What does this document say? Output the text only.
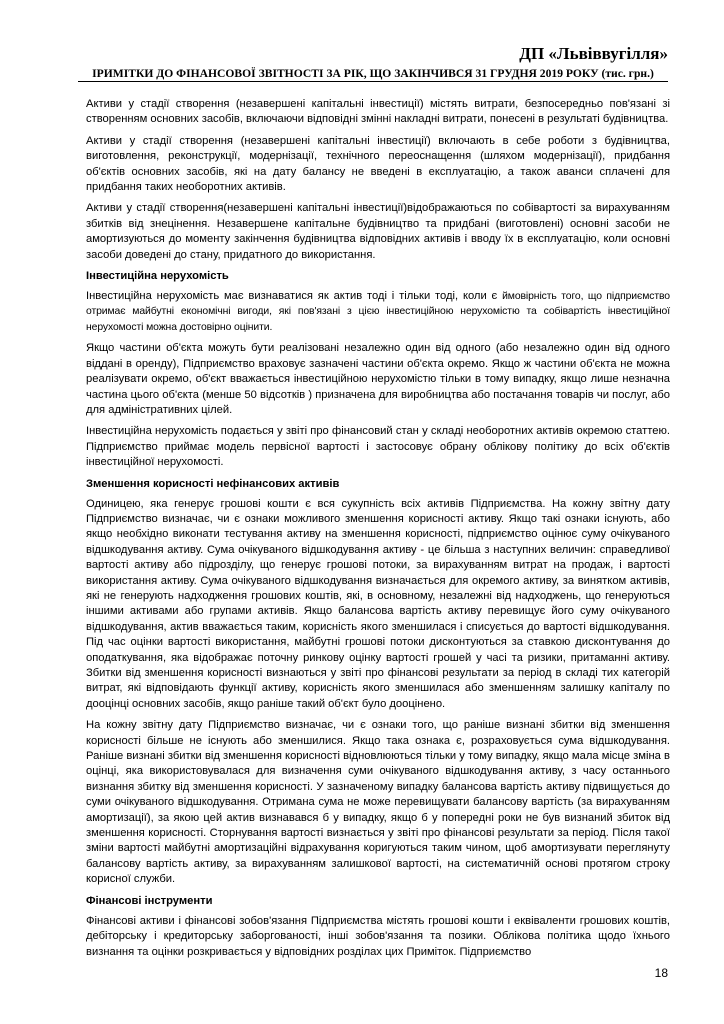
ДП «Львіввугілля»
ІРИМІТКИ ДО ФІНАНСОВОЇ ЗВІТНОСТІ ЗА РІК, ЩО ЗАКІНЧИВСЯ 31 ГРУДНЯ 2019 РОКУ (тис. грн.)

Активи у стадії створення (незавершені капітальні інвестиції) містять витрати, безпосередньо пов'язані зі створенням основних засобів, включаючи відповідні змінні накладні витрати, понесені в результаті будівництва.

Активи у стадії створення (незавершені капітальні інвестиції) включають в себе роботи з будівництва, виготовлення, реконструкції, модернізації, технічного переоснащення (шляхом модернізації), придбання об'єктів основних засобів, які на дату балансу не введені в експлуатацію, а також аванси сплачені для придбання таких необоротних активів.

Активи у стадії створення(незавершені капітальні інвестиції)відображаються по собівартості за вирахуванням збитків від знецінення. Незавершене капітальне будівництво та придбані (виготовлені) основні засоби не амортизуються до моменту закінчення будівництва відповідних активів і вводу їх в експлуатацію, коли основні засоби доведені до стану, придатного до використання.

Інвестиційна нерухомість

Інвестиційна нерухомість має визнаватися як актив тоді і тільки тоді, коли є ймовірність того, що підприємство отримає майбутні економічні вигоди, які пов'язані з цією інвестиційною нерухомістю та собівартість інвестиційної нерухомості можна достовірно оцінити.

Якщо частини об'єкта можуть бути реалізовані незалежно один від одного (або незалежно один від одного віддані в оренду), Підприємство враховує зазначені частини об'єкта окремо. Якщо ж частини об'єкта не можна реалізувати окремо, об'єкт вважається інвестиційною нерухомістю тільки в тому випадку, якщо лише незначна частина цього об'єкта (менше 50 відсотків ) призначена для виробництва або постачання товарів чи послуг, або для адміністративних цілей.

Інвестиційна нерухомість подається у звіті про фінансовий стан у складі необоротних активів окремою статтею. Підприємство приймає модель первісної вартості і застосовує обрану облікову політику до всіх об'єктів інвестиційної нерухомості.

Зменшення корисності нефінансових активів

Одиницею, яка генерує грошові кошти є вся сукупність всіх активів Підприємства. На кожну звітну дату Підприємство визначає, чи є ознаки можливого зменшення корисності активу. Якщо такі ознаки існують, або якщо необхідно виконати тестування активу на зменшення корисності, підприємство оцінює суму очікуваного відшкодування активу. Сума очікуваного відшкодування активу - це більша з наступних величин: справедливої вартості активу або підрозділу, що генерує грошові потоки, за вирахуванням витрат на продаж, і вартості використання активу. Сума очікуваного відшкодування визначається для окремого активу, за винятком активів, які не генерують надходження грошових коштів, які, в основному, незалежні від надходжень, що генеруються іншими активами або групами активів. Якщо балансова вартість активу перевищує його суму очікуваного відшкодування, актив вважається таким, корисність якого зменшилася і списується до вартості відшкодування. Під час оцінки вартості використання, майбутні грошові потоки дисконтуються за ставкою дисконтування до оподаткування, яка відображає поточну ринкову оцінку вартості грошей у часі та ризики, притаманні активу. Збитки від зменшення корисності визнаються у звіті про фінансові результати за період в складі тих категорій витрат, які відповідають функції активу, корисність якого зменшилася або зменшенням залишку капіталу по дооцінці основних засобів, якщо раніше такий об'єкт було дооцінено.

На кожну звітну дату Підприємство визначає, чи є ознаки того, що раніше визнані збитки від зменшення корисності більше не існують або зменшилися. Якщо така ознака є, розраховується сума відшкодування. Раніше визнані збитки від зменшення корисності відновлюються тільки у тому випадку, якщо мала місце зміна в оцінці, яка використовувалася для визначення суми очікуваного відшкодування активу, з часу останнього визнання збитку від зменшення корисності. У зазначеному випадку балансова вартість активу підвищується до суми очікуваного відшкодування. Отримана сума не може перевищувати балансову вартість (за вирахуванням амортизації), за якою цей актив визнавався б у випадку, якщо б у попередні роки не був визнаний збиток від зменшення корисності. Сторнування вартості визнається у звіті про фінансові результати за період. Після такої зміни вартості майбутні амортизаційні відрахування коригуються таким чином, щоб амортизувати переглянуту балансову вартість активу, за вирахуванням залишкової вартості, на систематичній основі протягом строку корисної служби.

Фінансові інструменти

Фінансові активи і фінансові зобов'язання Підприємства містять грошові кошти і еквіваленти грошових коштів, дебіторську і кредиторську заборгованості, інші зобов'язання та позики. Облікова політика щодо їхнього визнання та оцінки розкривається у відповідних розділах цих Приміток. Підприємство

18
